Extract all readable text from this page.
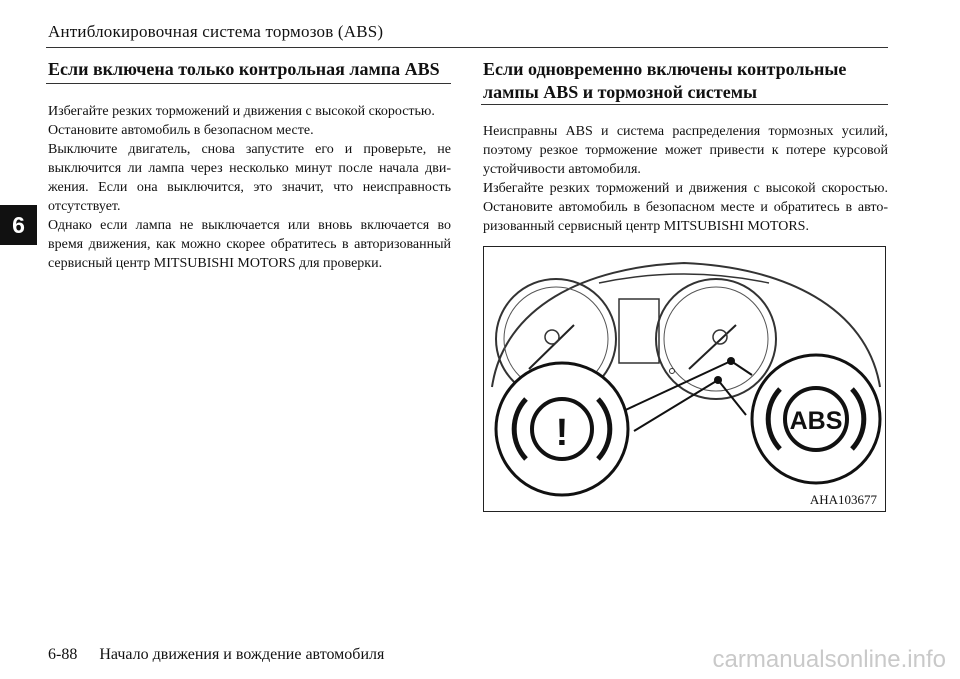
Антиблокировочная система тормозов (ABS)
6
Если включена только контрольная лампа ABS

Избегайте резких торможений и движения с высокой скоростью.

Остановите автомобиль в безопасном месте.

Выключите двигатель, снова запустите его и проверьте, не выключится ли лампа через несколько минут после начала дви-жения. Если она выключится, это значит, что неисправность отсутствует.

Однако если лампа не выключается или вновь включается во время движения, как можно скорее обратитесь в авторизованный сервисный центр MITSUBISHI MOTORS для проверки.

Если одновременно включены контрольные лампы ABS и тормозной системы

Неисправны ABS и система распределения тормозных усилий, поэтому резкое торможение может привести к потере курсовой устойчивости автомобиля.

Избегайте резких торможений и движения с высокой скоростью. Остановите автомобиль в безопасном месте и обратитесь в авто-ризованный сервисный центр MITSUBISHI MOTORS.

!	ABS
AHA103677
6-88 Начало движения и вождение автомобиля	carmanualsonline.info
